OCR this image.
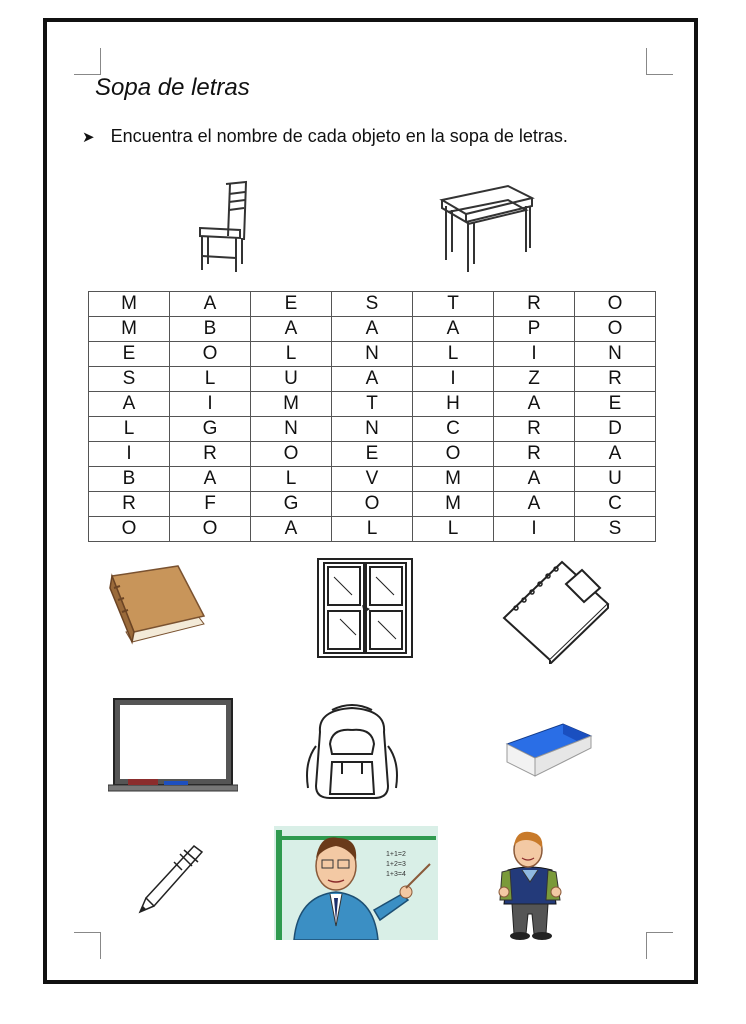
Sopa de letras
➤ Encuentra el nombre de cada objeto en la sopa de letras.
M	A	E	S	T	R	O
M	B	A	A	A	P	O
E	O	L	N	L	I	N
S	L	U	A	I	Z	R
A	I	M	T	H	A	E
L	G	N	N	C	R	D
I	R	O	E	O	R	A
B	A	L	V	M	A	U
R	F	G	O	M	A	C
O	O	A	L	L	I	S
1+1=2
1+2=3
1+3=4
